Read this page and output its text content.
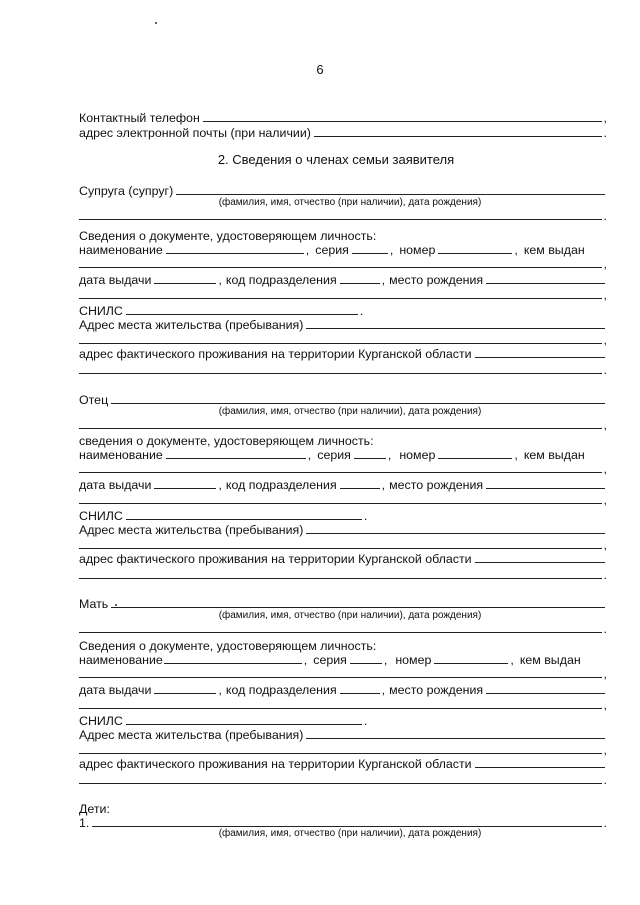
6
Контактный телефон	,
адрес электронной почты (при наличии)	.
2. Сведения о членах семьи заявителя
Супруга (супруг)
(фамилия, имя, отчество (при наличии), дата рождения)
.
Сведения о документе, удостоверяющем личность:
наименование	, серия	, номер	, кем выдан
,
дата выдачи	, код подразделения	, место рождения
,
СНИЛС	.
Адрес места жительства (пребывания)
,
адрес фактического проживания на территории Курганской области
.
Отец
(фамилия, имя, отчество (при наличии), дата рождения)
,
сведения о документе, удостоверяющем личность:
наименование	, серия	, номер	, кем выдан
,
дата выдачи	, код подразделения	, место рождения
,
СНИЛС	.
Адрес места жительства (пребывания)
,
адрес фактического проживания на территории Курганской области
.
Мать
(фамилия, имя, отчество (при наличии), дата рождения)
.
Сведения о документе, удостоверяющем личность:
наименование	, серия	, номер	, кем выдан
,
дата выдачи	, код подразделения	, место рождения
,
СНИЛС	.
Адрес места жительства (пребывания)
,
адрес фактического проживания на территории Курганской области
.
Дети:
1.	.
(фамилия, имя, отчество (при наличии), дата рождения)
